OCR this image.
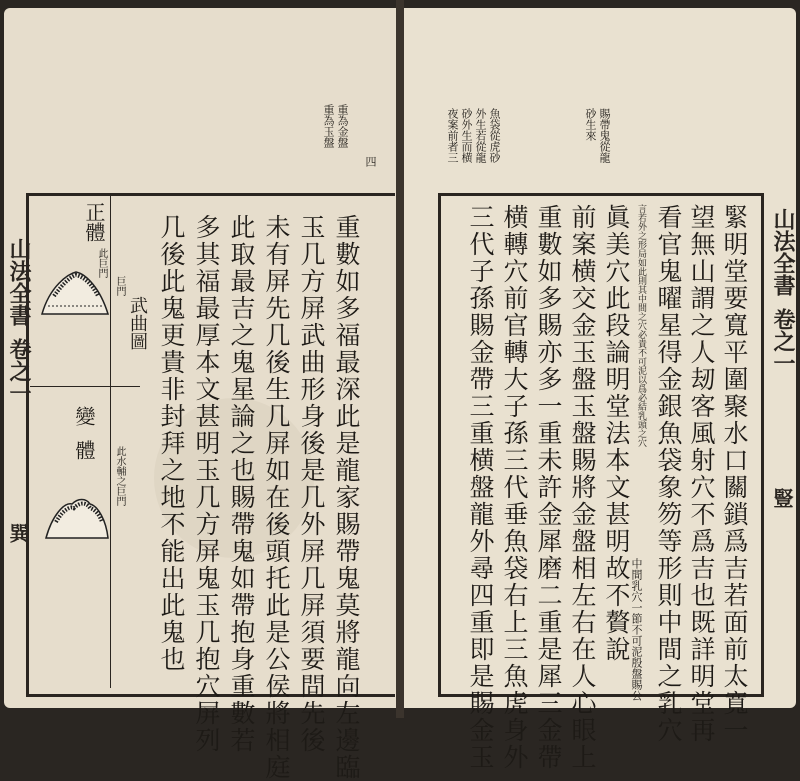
重為金盤
重為玉盤
四
正體
此巨門
巨門
武曲圖
變體
此水輔之巨門	重數如多福最深此是龍家賜帶鬼莫將龍向左邊臨
玉几方屏武曲形身後是几外屏几屏須要問先後
未有屏先几後生几屏如在後頭托此是公侯將相庭
此取最吉之鬼星論之也賜帶鬼如帶抱身重數若
多其福最厚本文甚明玉几方屏鬼玉几抱穴屏列
几後此鬼更貴非封拜之地不能出此鬼也
山法全書
卷之一
巽
賜帶鬼從龍
砂生來
魚袋從虎砂
外生若從龍
砂外生而横
夜案前者三
緊明堂要寬平圍聚水口關鎖爲吉若面前太寬一
望無山謂之人刼客風射穴不爲吉也既詳明堂再
看官鬼曜星得金銀魚袋象笏等形則中間之乳穴
中間乳穴一節不可泥殷盤賜公
眞美穴此段論明堂法本文甚明故不贅說 言若外之形局如此則其中間之穴必貴不可泥以爲必結乳頭之穴
前案横交金玉盤玉盤賜將金盤相左右在人心眼上
重數如多賜亦多一重未許金犀磨二重是犀三金帶
横轉穴前官轉大子孫三代垂魚袋右上三魚虎身外
三代子孫賜金帶三重横盤龍外尋四重即是賜金玉	山法全書
卷之一
豎
